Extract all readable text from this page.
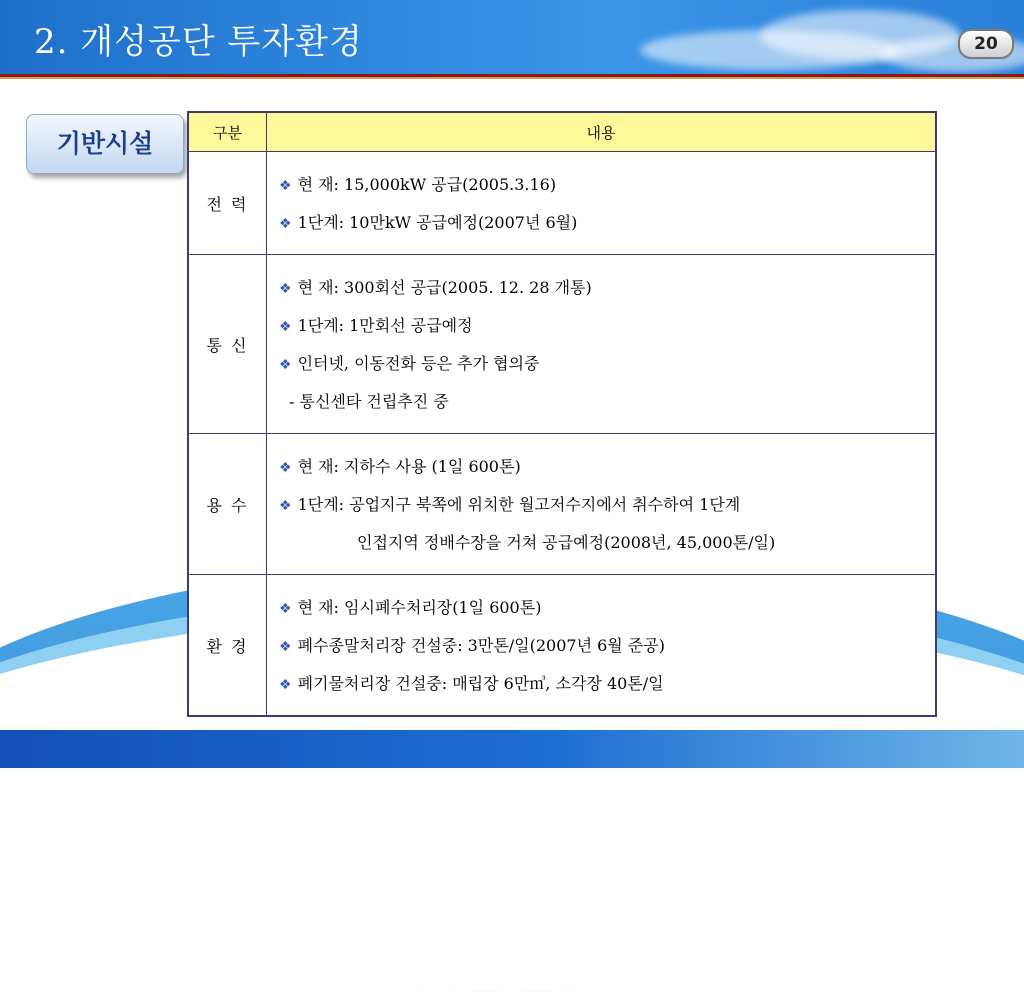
2. 개성공단 투자환경	20
기반시설	구분	내용
전 력	❖ 현 재: 15,000kW 공급(2005.3.16)
❖ 1단계: 10만kW 공급예정(2007년 6월)

통 신	❖ 현 재: 300회선 공급(2005. 12. 28 개통)
❖ 1단계: 1만회선 공급예정
❖ 인터넷, 이동전화 등은 추가 협의중
- 통신센타 건립추진 중

용 수	❖ 현 재: 지하수 사용 (1일 600톤)
❖ 1단계: 공업지구 북쪽에 위치한 월고저수지에서 취수하여 1단계
인접지역 정배수장을 거쳐 공급예정(2008년, 45,000톤/일)

환 경	❖ 현 재: 임시폐수처리장(1일 600톤)
❖ 폐수종말처리장 건설중: 3만톤/일(2007년 6월 준공)
❖ 폐기물처리장 건설중: 매립장 6만㎥, 소각장 40톤/일
